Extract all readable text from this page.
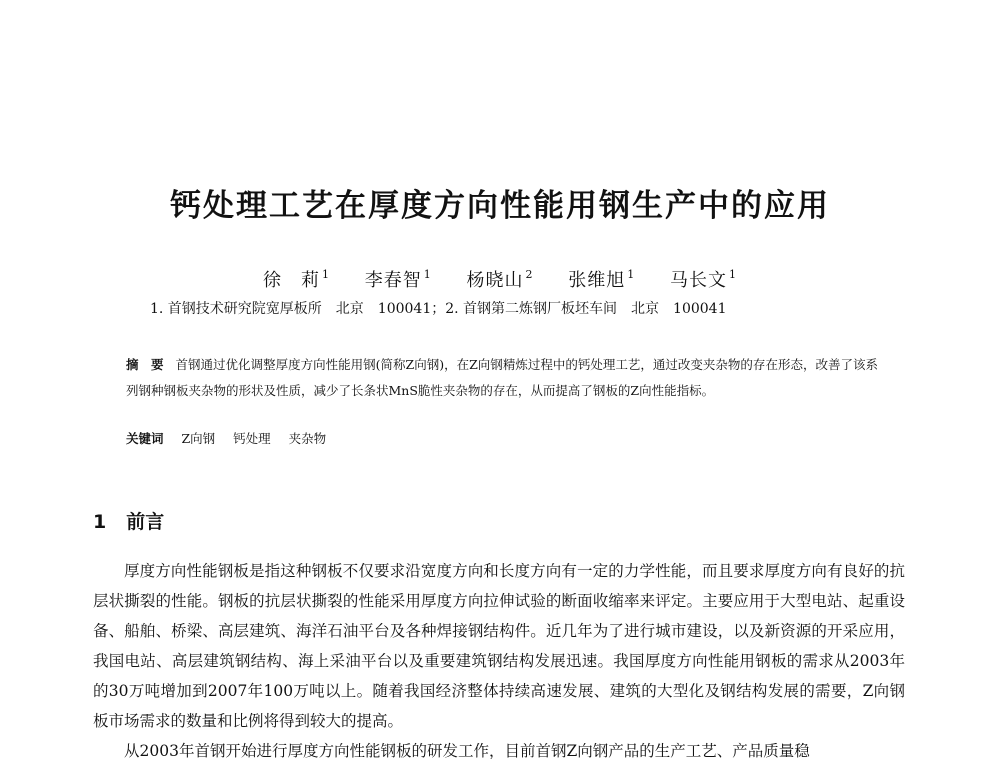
钙处理工艺在厚度方向性能用钢生产中的应用
徐　莉 $^1$ 李春智 $^1$ 杨晓山 $^2$ 张维旭 $^1$ 马长文 $^1$
1. 首钢技术研究院宽厚板所　北京　100041；2. 首钢第二炼钢厂板坯车间　北京　100041
摘　要 首钢通过优化调整厚度方向性能用钢(简称Z向钢)，在Z向钢精炼过程中的钙处理工艺，通过改变夹杂物的存在形态，改善了该系列钢种钢板夹杂物的形状及性质，减少了长条状MnS脆性夹杂物的存在，从而提高了钢板的Z向性能指标。
关键词 Z向钢 钙处理 夹杂物
1 前言

厚度方向性能钢板是指这种钢板不仅要求沿宽度方向和长度方向有一定的力学性能，而且要求厚度方向有良好的抗层状撕裂的性能。钢板的抗层状撕裂的性能采用厚度方向拉伸试验的断面收缩率来评定。主要应用于大型电站、起重设备、船舶、桥梁、高层建筑、海洋石油平台及各种焊接钢结构件。近几年为了进行城市建设，以及新资源的开采应用，我国电站、高层建筑钢结构、海上采油平台以及重要建筑钢结构发展迅速。我国厚度方向性能用钢板的需求从2003年的30万吨增加到2007年100万吨以上。随着我国经济整体持续高速发展、建筑的大型化及钢结构发展的需要，Z向钢板市场需求的数量和比例将得到较大的提高。

从2003年首钢开始进行厚度方向性能钢板的研发工作，目前首钢Z向钢产品的生产工艺、产品质量稳
